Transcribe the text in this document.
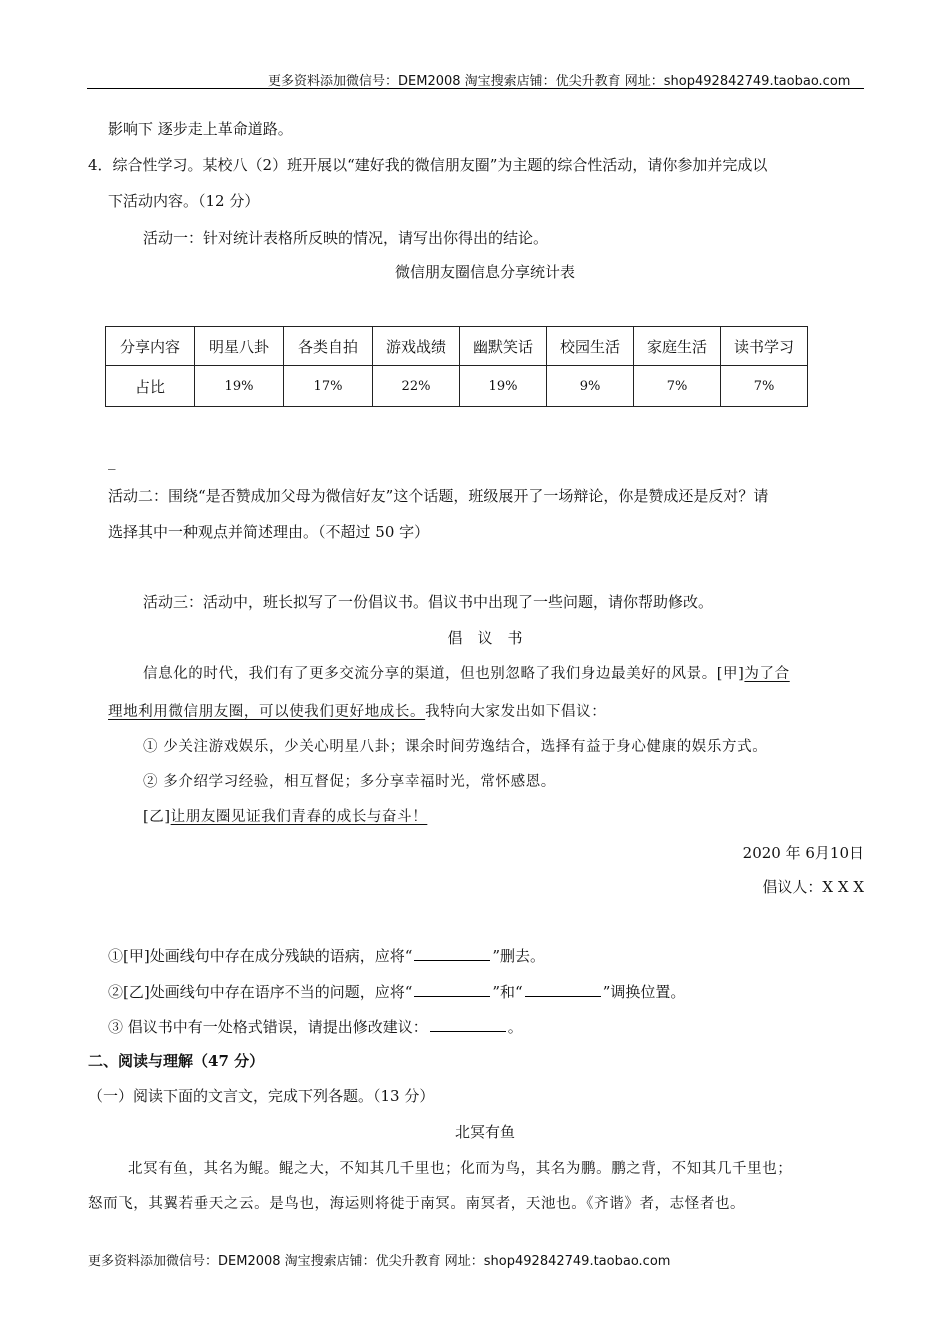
更多资料添加微信号：DEM2008 淘宝搜索店铺：优尖升教育 网址：shop492842749.taobao.com
影响下 逐步走上革命道路。
4．综合性学习。某校八（2）班开展以“建好我的微信朋友圈”为主题的综合性活动，请你参加并完成以
下活动内容。（12 分）
活动一：针对统计表格所反映的情况，请写出你得出的结论。
微信朋友圈信息分享统计表
分享内容	明星八卦	各类自拍	游戏战绩	幽默笑话	校园生活	家庭生活	读书学习
占比	19%	17%	22%	19%	9%	7%	7%
_
活动二：围绕“是否赞成加父母为微信好友”这个话题，班级展开了一场辩论，你是赞成还是反对？请
选择其中一种观点并简述理由。（不超过 50 字）
活动三：活动中，班长拟写了一份倡议书。倡议书中出现了一些问题，请你帮助修改。
倡　议　书
信息化的时代，我们有了更多交流分享的渠道，但也别忽略了我们身边最美好的风景。[甲]为了合
理地利用微信朋友圈，可以使我们更好地成长。我特向大家发出如下倡议：
① 少关注游戏娱乐，少关心明星八卦；课余时间劳逸结合，选择有益于身心健康的娱乐方式。
② 多介绍学习经验，相互督促；多分享幸福时光，常怀感恩。
[乙]让朋友圈见证我们青春的成长与奋斗！
2020 年 6月10日
倡议人：X X X
①[甲]处画线句中存在成分残缺的语病，应将“	”删去。
②[乙]处画线句中存在语序不当的问题，应将“	”和“	”调换位置。
③ 倡议书中有一处格式错误，请提出修改建议：	。
二、阅读与理解（47 分）
（一）阅读下面的文言文，完成下列各题。（13 分）
北冥有鱼
北冥有鱼，其名为鲲。鲲之大，不知其几千里也；化而为鸟，其名为鹏。鹏之背，不知其几千里也；
怒而飞，其翼若垂天之云。是鸟也，海运则将徙于南冥。南冥者，天池也。《齐谐》者，志怪者也。
更多资料添加微信号：DEM2008 淘宝搜索店铺：优尖升教育 网址：shop492842749.taobao.com
